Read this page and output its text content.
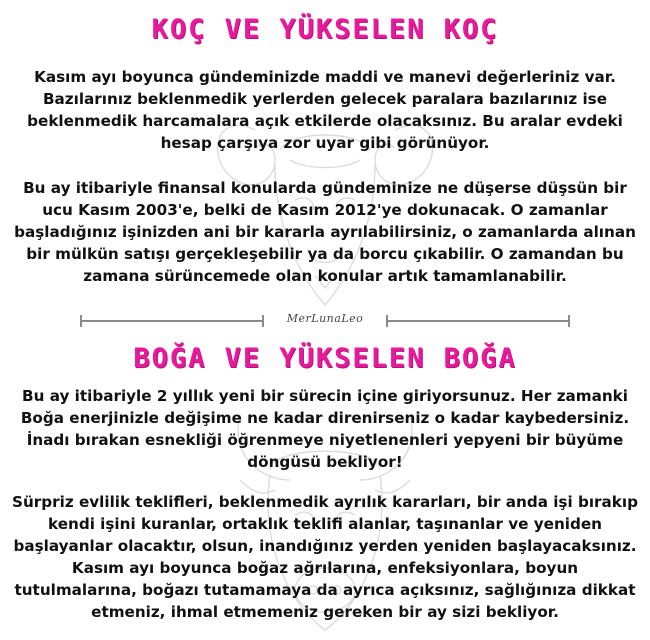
KOÇ VE YÜKSELEN KOÇ

Kasım ayı boyunca gündeminizde maddi ve manevi değerleriniz var. Bazılarınız beklenmedik yerlerden gelecek paralara bazılarınız ise beklenmedik harcamalara açık etkilerde olacaksınız. Bu aralar evdeki hesap çarşıya zor uyar gibi görünüyor.

Bu ay itibariyle finansal konularda gündeminize ne düşerse düşsün bir ucu Kasım 2003'e, belki de Kasım 2012'ye dokunacak. O zamanlar başladığınız işinizden ani bir kararla ayrılabilirsiniz, o zamanlarda alınan bir mülkün satışı gerçekleşebilir ya da borcu çıkabilir. O zamandan bu zamana sürüncemede olan konular artık tamamlanabilir.

MerLunaLeo
BOĞA VE YÜKSELEN BOĞA

Bu ay itibariyle 2 yıllık yeni bir sürecin içine giriyorsunuz. Her zamanki Boğa enerjinizle değişime ne kadar direnirseniz o kadar kaybedersiniz. İnadı bırakan esnekliği öğrenmeye niyetlenenleri yepyeni bir büyüme döngüsü bekliyor!

Sürpriz evlilik teklifleri, beklenmedik ayrılık kararları, bir anda işi bırakıp kendi işini kuranlar, ortaklık teklifi alanlar, taşınanlar ve yeniden başlayanlar olacaktır, olsun, inandığınız yerden yeniden başlayacaksınız. Kasım ayı boyunca boğaz ağrılarına, enfeksiyonlara, boyun tutulmalarına, boğazı tutamamaya da ayrıca açıksınız, sağlığınıza dikkat etmeniz, ihmal etmemeniz gereken bir ay sizi bekliyor.
